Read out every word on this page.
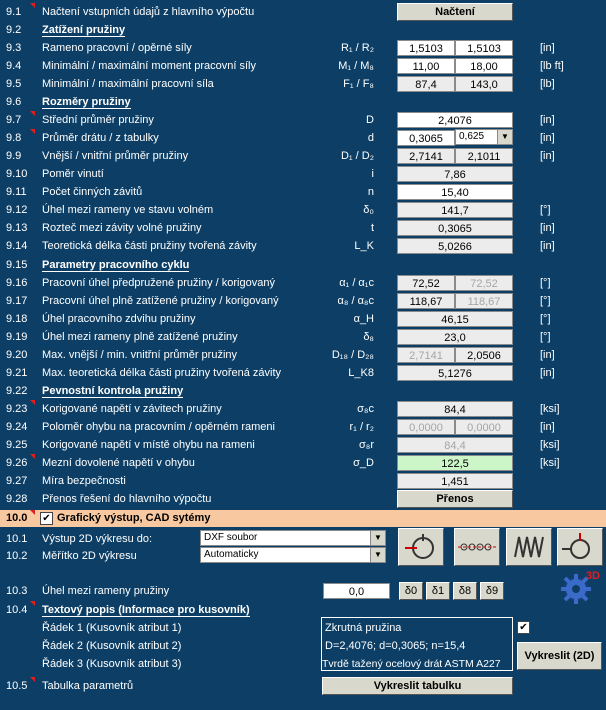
9.1	Načtení vstupních údajů z hlavního výpočtu	Načtení
9.2	Zatížení pružiny
9.3	Rameno pracovní / opěrné síly	R₁ / R₂	1,5103	1,5103	[in]
9.4	Minimální / maximální moment pracovní síly	M₁ / M₈	11,00	18,00	[lb ft]
9.5	Minimální / maximální pracovní síla	F₁ / F₈	87,4	143,0	[lb]
9.6	Rozměry pružiny
9.7	Střední průměr pružiny	D	2,4076	[in]
9.8	Průměr drátu / z tabulky	d	0,3065	0,625	▼	[in]
9.9	Vnější / vnitřní průměr pružiny	D₁ / D₂	2,7141	2,1011	[in]
9.10	Poměr vinutí	i	7,86
9.11	Počet činných závitů	n	15,40
9.12	Úhel mezi rameny ve stavu volném	δ₀	141,7	[°]
9.13	Rozteč mezi závity volné pružiny	t	0,3065	[in]
9.14	Teoretická délka části pružiny tvořená závity	L_K	5,0266	[in]
9.15	Parametry pracovního cyklu
9.16	Pracovní úhel předpružené pružiny / korigovaný	α₁ / α₁c	72,52	72,52	[°]
9.17	Pracovní úhel plně zatížené pružiny / korigovaný	α₈ / α₈c	118,67	118,67	[°]
9.18	Úhel pracovního zdvihu pružiny	α_H	46,15	[°]
9.19	Úhel mezi rameny plně zatížené pružiny	δ₈	23,0	[°]
9.20	Max. vnější / min. vnitřní průměr pružiny	D₁₈ / D₂₈	2,7141	2,0506	[in]
9.21	Max. teoretická délka části pružiny tvořená závity	L_K8	5,1276	[in]
9.22	Pevnostní kontrola pružiny
9.23	Korigované napětí v závitech pružiny	σ₈c	84,4	[ksi]
9.24	Poloměr ohybu na pracovním / opěrném rameni	r₁ / r₂	0,0000	0,0000	[in]
9.25	Korigované napětí v místě ohybu na rameni	σ₈r	84,4	[ksi]
9.26	Mezní dovolené napětí v ohybu	σ_D	122,5	[ksi]
9.27	Míra bezpečnosti	1,451
9.28	Přenos řešení do hlavního výpočtu	Přenos
10.0 ✔ Grafický výstup, CAD sytémy
10.1	Výstup 2D výkresu do:	DXF soubor	▼
10.2	Měřítko 2D výkresu	Automaticky	▼
10.3	Úhel mezi rameny pružiny	0,0	δ0	δ1	δ8	δ9
3D
10.4	Textový popis (Informace pro kusovník)
Řádek 1 (Kusovník atribut 1)	Zkrutná pružina	✔
Řádek 2 (Kusovník atribut 2)	D=2,4076; d=0,3065; n=15,4
Řádek 3 (Kusovník atribut 3)	Tvrdě tažený ocelový drát ASTM A227
Vykreslit (2D)
10.5	Tabulka parametrů	Vykreslit tabulku
